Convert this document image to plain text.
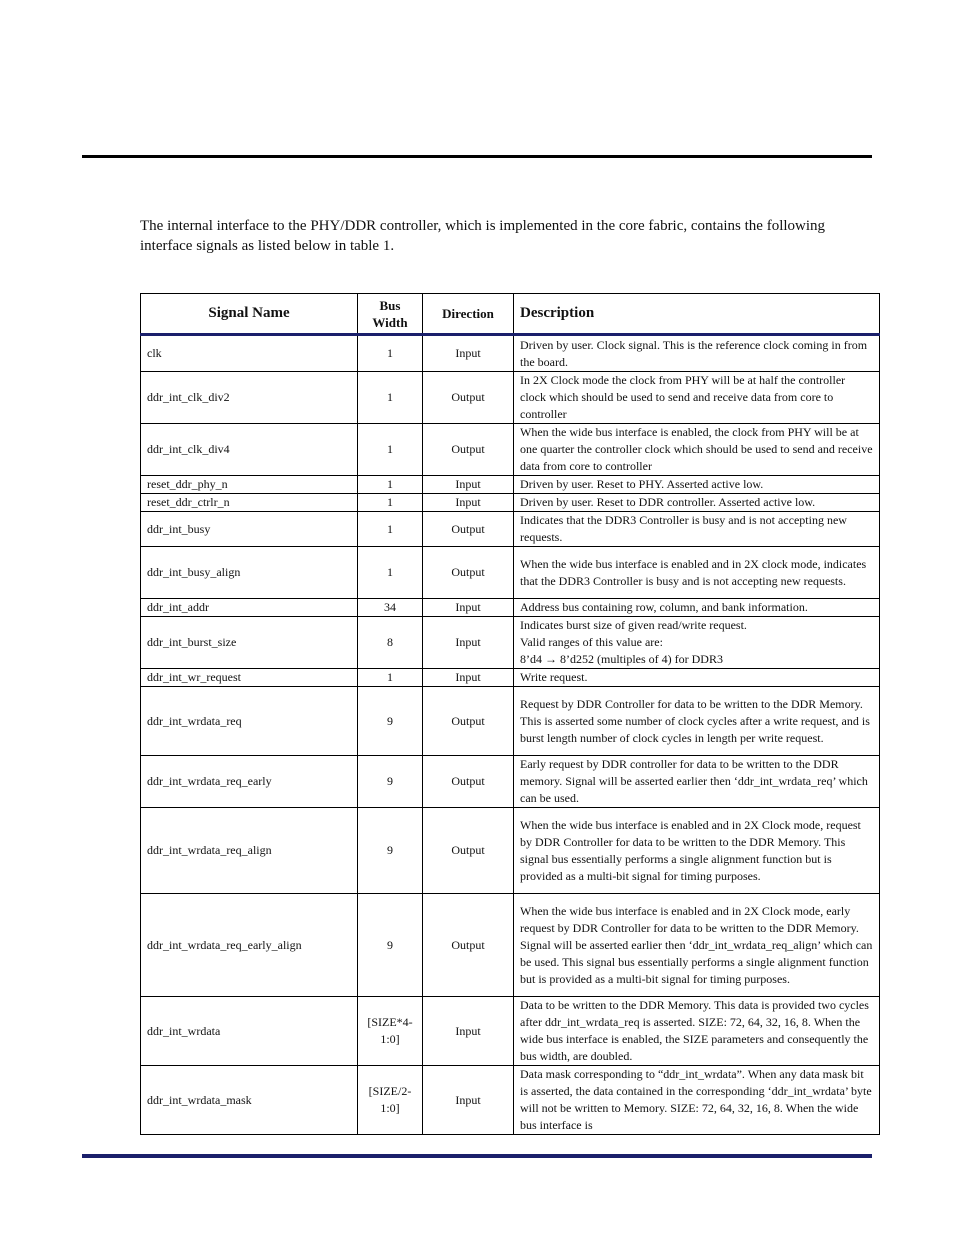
The internal interface to the PHY/DDR controller, which is implemented in the core fabric, contains the following interface signals as listed below in table 1.

Signal Name	Bus Width	Direction	Description
clk	1	Input	Driven by user. Clock signal. This is the reference clock coming in from the board.
ddr_int_clk_div2	1	Output	In 2X Clock mode the clock from PHY will be at half the controller clock which should be used to send and receive data from core to controller
ddr_int_clk_div4	1	Output	When the wide bus interface is enabled, the clock from PHY will be at one quarter the controller clock which should be used to send and receive data from core to controller
reset_ddr_phy_n	1	Input	Driven by user. Reset to PHY. Asserted active low.
reset_ddr_ctrlr_n	1	Input	Driven by user. Reset to DDR controller. Asserted active low.
ddr_int_busy	1	Output	Indicates that the DDR3 Controller is busy and is not accepting new requests.
ddr_int_busy_align	1	Output	When the wide bus interface is enabled and in 2X clock mode, indicates that the DDR3 Controller is busy and is not accepting new requests.
ddr_int_addr	34	Input	Address bus containing row, column, and bank information.
ddr_int_burst_size	8	Input	Indicates burst size of given read/write request.
Valid ranges of this value are:
8’d4 → 8’d252 (multiples of 4) for DDR3
ddr_int_wr_request	1	Input	Write request.
ddr_int_wrdata_req	9	Output	Request by DDR Controller for data to be written to the DDR Memory. This is asserted some number of clock cycles after a write request, and is burst length number of clock cycles in length per write request.
ddr_int_wrdata_req_early	9	Output	Early request by DDR controller for data to be written to the DDR memory. Signal will be asserted earlier then ‘ddr_int_wrdata_req’ which can be used.
ddr_int_wrdata_req_align	9	Output	When the wide bus interface is enabled and in 2X Clock mode, request by DDR Controller for data to be written to the DDR Memory. This signal bus essentially performs a single alignment function but is provided as a multi-bit signal for timing purposes.
ddr_int_wrdata_req_early_align	9	Output	When the wide bus interface is enabled and in 2X Clock mode, early request by DDR Controller for data to be written to the DDR Memory. Signal will be asserted earlier then ‘ddr_int_wrdata_req_align’ which can be used. This signal bus essentially performs a single alignment function but is provided as a multi-bit signal for timing purposes.
ddr_int_wrdata	[SIZE*4-1:0]	Input	Data to be written to the DDR Memory. This data is provided two cycles after ddr_int_wrdata_req is asserted. SIZE: 72, 64, 32, 16, 8. When the wide bus interface is enabled, the SIZE parameters and consequently the bus width, are doubled.
ddr_int_wrdata_mask	[SIZE/2-1:0]	Input	Data mask corresponding to “ddr_int_wrdata”. When any data mask bit is asserted, the data contained in the corresponding ‘ddr_int_wrdata’ byte will not be written to Memory. SIZE: 72, 64, 32, 16, 8. When the wide bus interface is
